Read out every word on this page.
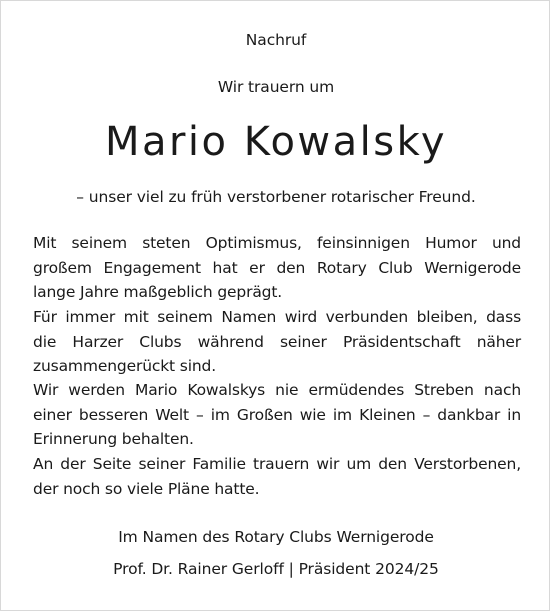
Nachruf
Wir trauern um
Mario Kowalsky
– unser viel zu früh verstorbener rotarischer Freund.
Mit seinem steten Optimismus, feinsinnigen Humor und
großem Engagement hat er den Rotary Club Wernigerode
lange Jahre maßgeblich geprägt.
Für immer mit seinem Namen wird verbunden bleiben, dass
die Harzer Clubs während seiner Präsidentschaft näher
zusammengerückt sind.
Wir werden Mario Kowalskys nie ermüdendes Streben nach
einer besseren Welt – im Großen wie im Kleinen – dankbar in
Erinnerung behalten.
An der Seite seiner Familie trauern wir um den Verstorbenen,
der noch so viele Pläne hatte.
Im Namen des Rotary Clubs Wernigerode
Prof. Dr. Rainer Gerloff | Präsident 2024/25
